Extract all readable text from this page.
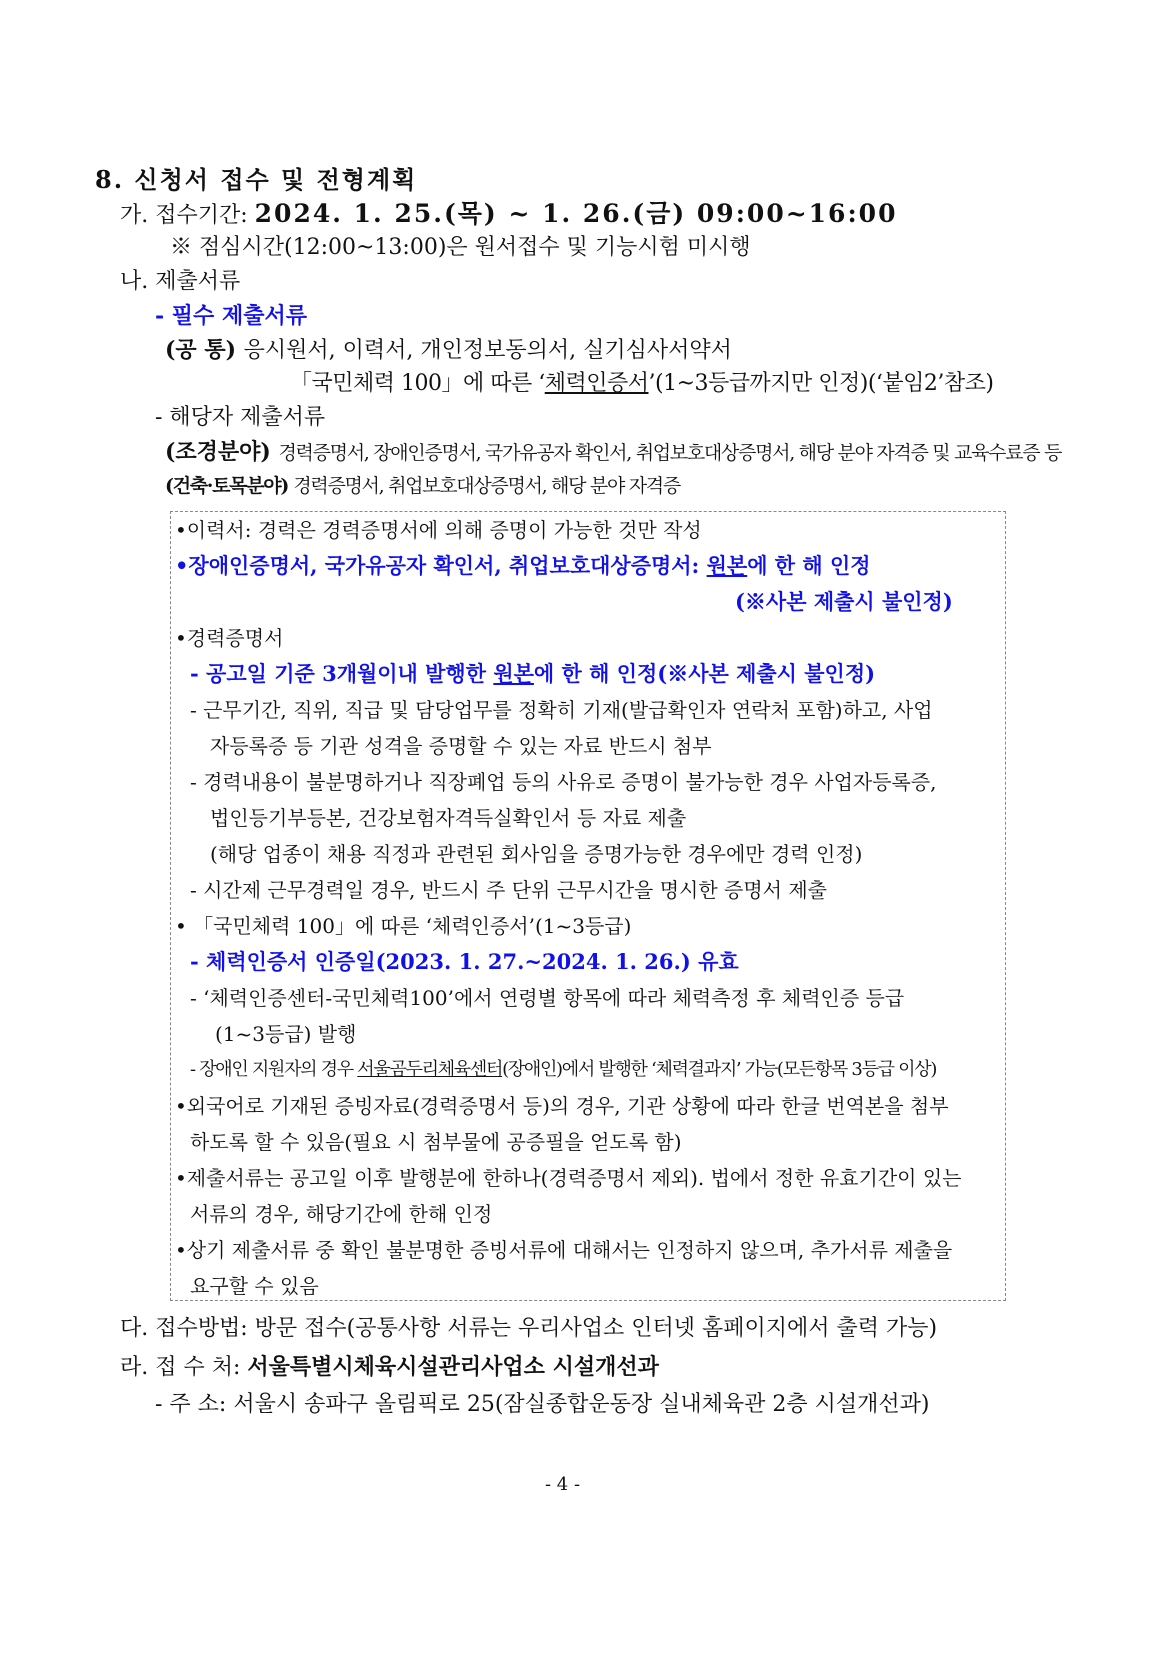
8. 신청서 접수 및 전형계획
가. 접수기간: 2024. 1. 25.(목) ~ 1. 26.(금) 09:00~16:00
※ 점심시간(12:00~13:00)은 원서접수 및 기능시험 미시행
나. 제출서류
- 필수 제출서류
(공 통) 응시원서, 이력서, 개인정보동의서, 실기심사서약서
「국민체력 100」에 따른 ‘체력인증서’(1~3등급까지만 인정)(‘붙임2’참조)
- 해당자 제출서류
(조경분야) 경력증명서, 장애인증명서, 국가유공자 확인서, 취업보호대상증명서, 해당 분야 자격증 및 교육수료증 등
(건축·토목분야) 경력증명서, 취업보호대상증명서, 해당 분야 자격증
•이력서: 경력은 경력증명서에 의해 증명이 가능한 것만 작성
•장애인증명서, 국가유공자 확인서, 취업보호대상증명서: 원본에 한 해 인정
(※사본 제출시 불인정)
•경력증명서
- 공고일 기준 3개월이내 발행한 원본에 한 해 인정(※사본 제출시 불인정)
- 근무기간, 직위, 직급 및 담당업무를 정확히 기재(발급확인자 연락처 포함)하고, 사업
자등록증 등 기관 성격을 증명할 수 있는 자료 반드시 첨부
- 경력내용이 불분명하거나 직장폐업 등의 사유로 증명이 불가능한 경우 사업자등록증,
법인등기부등본, 건강보험자격득실확인서 등 자료 제출
(해당 업종이 채용 직정과 관련된 회사임을 증명가능한 경우에만 경력 인정)
- 시간제 근무경력일 경우, 반드시 주 단위 근무시간을 명시한 증명서 제출
• 「국민체력 100」에 따른 ‘체력인증서’(1~3등급)
- 체력인증서 인증일(2023. 1. 27.~2024. 1. 26.) 유효
- ‘체력인증센터-국민체력100’에서 연령별 항목에 따라 체력측정 후 체력인증 등급
(1~3등급) 발행
- 장애인 지원자의 경우 서울곰두리체육센터(장애인)에서 발행한 ‘체력결과지’ 가능(모든항목 3등급 이상)
•외국어로 기재된 증빙자료(경력증명서 등)의 경우, 기관 상황에 따라 한글 번역본을 첨부
하도록 할 수 있음(필요 시 첨부물에 공증필을 얻도록 함)
•제출서류는 공고일 이후 발행분에 한하나(경력증명서 제외). 법에서 정한 유효기간이 있는
서류의 경우, 해당기간에 한해 인정
•상기 제출서류 중 확인 불분명한 증빙서류에 대해서는 인정하지 않으며, 추가서류 제출을
요구할 수 있음
다. 접수방법: 방문 접수(공통사항 서류는 우리사업소 인터넷 홈페이지에서 출력 가능)
라. 접 수 처: 서울특별시체육시설관리사업소 시설개선과
- 주 소: 서울시 송파구 올림픽로 25(잠실종합운동장 실내체육관 2층 시설개선과)
- 4 -
